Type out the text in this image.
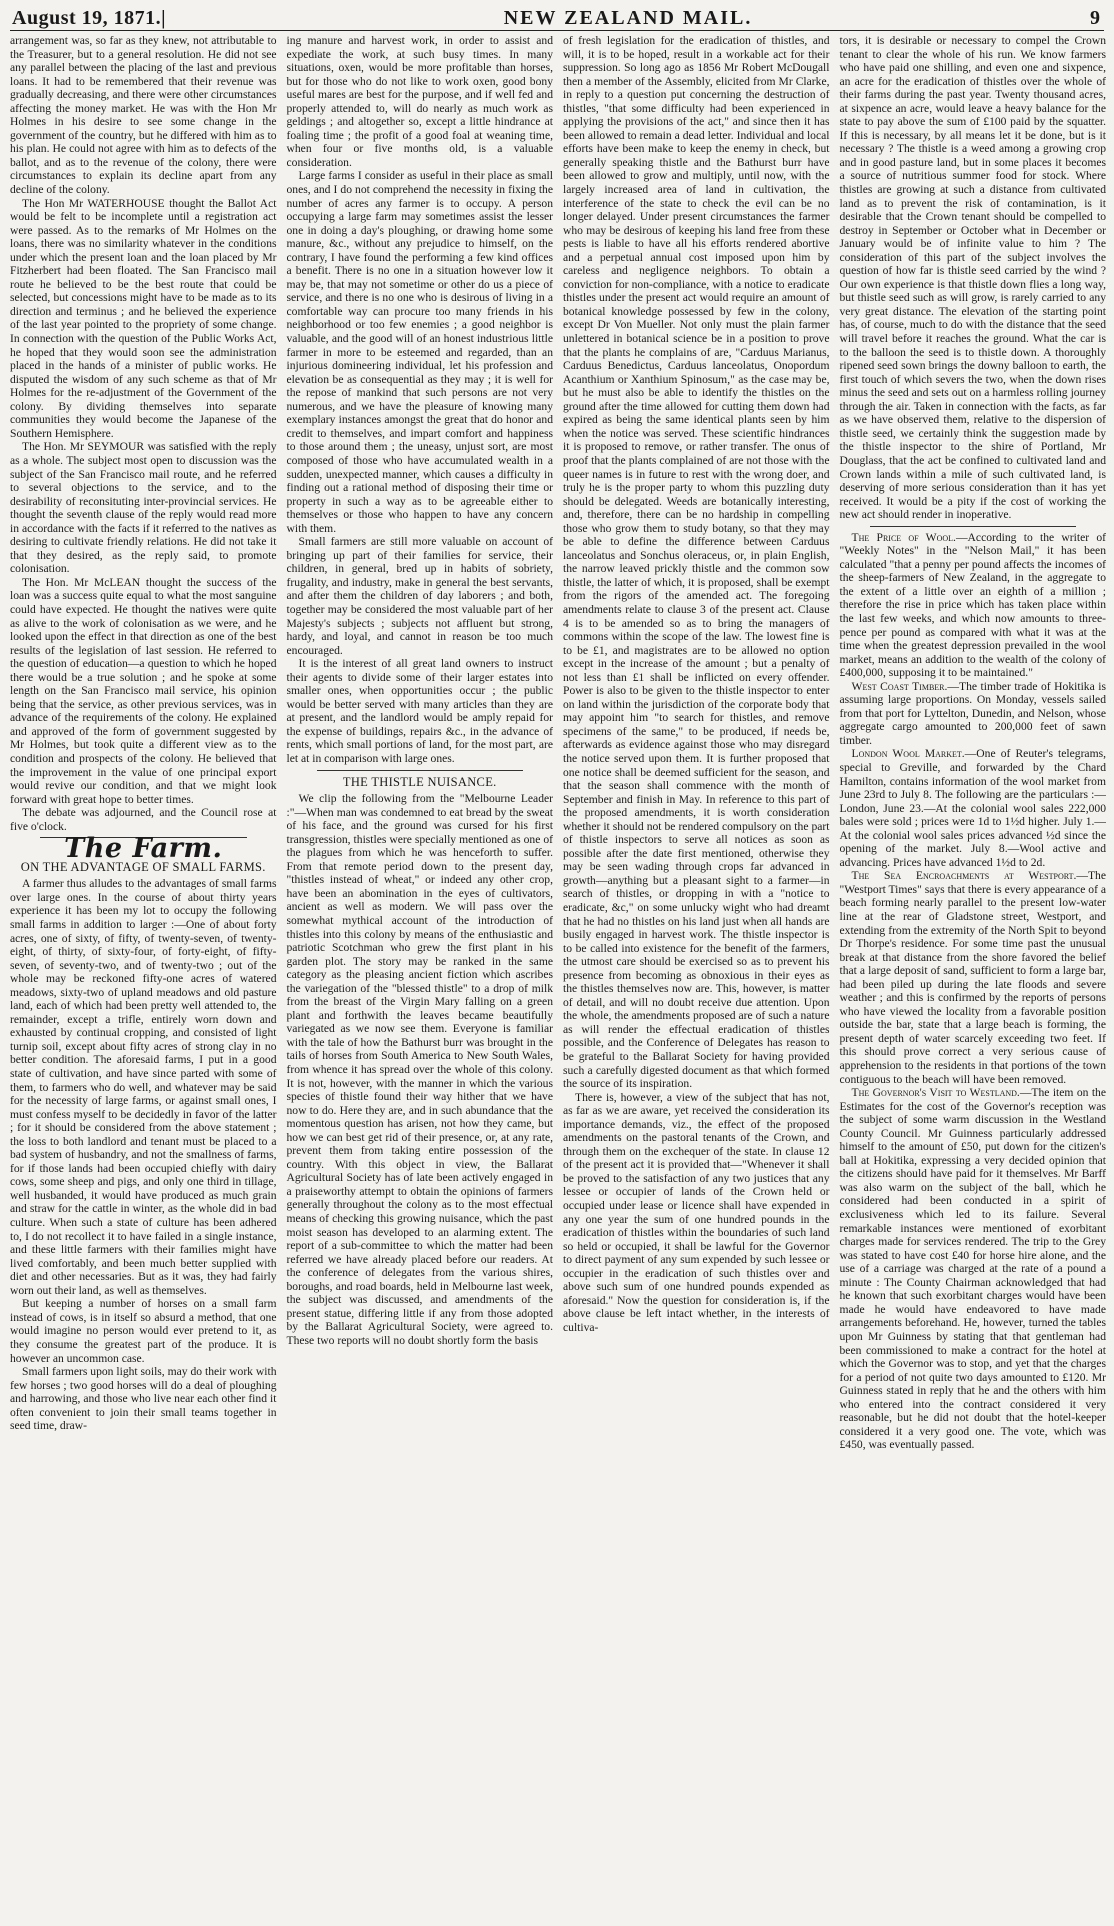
August 19, 1871.|	NEW ZEALAND MAIL.	9

arrangement was, so far as they knew, not attributable to the Treasurer, but to a general resolution. He did not see any parallel between the placing of the last and previous loans. It had to be remembered that their revenue was gradually decreasing, and there were other circumstances affecting the money market. He was with the Hon Mr Holmes in his desire to see some change in the government of the country, but he differed with him as to his plan. He could not agree with him as to defects of the ballot, and as to the revenue of the colony, there were circumstances to explain its decline apart from any decline of the colony.

The Hon Mr WATERHOUSE thought the Ballot Act would be felt to be incomplete until a registration act were passed. As to the remarks of Mr Holmes on the loans, there was no similarity whatever in the conditions under which the present loan and the loan placed by Mr Fitzherbert had been floated. The San Francisco mail route he believed to be the best route that could be selected, but concessions might have to be made as to its direction and terminus ; and he believed the experience of the last year pointed to the propriety of some change. In connection with the question of the Public Works Act, he hoped that they would soon see the administration placed in the hands of a minister of public works. He disputed the wisdom of any such scheme as that of Mr Holmes for the re-adjustment of the Government of the colony. By dividing themselves into separate communities they would become the Japanese of the Southern Hemisphere.

The Hon. Mr SEYMOUR was satisfied with the reply as a whole. The subject most open to discussion was the subject of the San Francisco mail route, and he referred to several objections to the service, and to the desirability of reconsituting inter-provincial services. He thought the seventh clause of the reply would read more in accordance with the facts if it referred to the natives as desiring to cultivate friendly relations. He did not take it that they desired, as the reply said, to promote colonisation.

The Hon. Mr McLEAN thought the success of the loan was a success quite equal to what the most sanguine could have expected. He thought the natives were quite as alive to the work of colonisation as we were, and he looked upon the effect in that direction as one of the best results of the legislation of last session. He referred to the question of education—a question to which he hoped there would be a true solution ; and he spoke at some length on the San Francisco mail service, his opinion being that the service, as other previous services, was in advance of the requirements of the colony. He explained and approved of the form of government suggested by Mr Holmes, but took quite a different view as to the condition and prospects of the colony. He believed that the improvement in the value of one principal export would revive our condition, and that we might look forward with great hope to better times.

The debate was adjourned, and the Council rose at five o'clock.

The Farm.
ON THE ADVANTAGE OF SMALL FARMS.

A farmer thus alludes to the advantages of small farms over large ones. In the course of about thirty years experience it has been my lot to occupy the following small farms in addition to larger :—One of about forty acres, one of sixty, of fifty, of twenty-seven, of twenty-eight, of thirty, of sixty-four, of forty-eight, of fifty-seven, of seventy-two, and of twenty-two ; out of the whole may be reckoned fifty-one acres of watered meadows, sixty-two of upland meadows and old pasture land, each of which had been pretty well attended to, the remainder, except a trifle, entirely worn down and exhausted by continual cropping, and consisted of light turnip soil, except about fifty acres of strong clay in no better condition. The aforesaid farms, I put in a good state of cultivation, and have since parted with some of them, to farmers who do well, and whatever may be said for the necessity of large farms, or against small ones, I must confess myself to be decidedly in favor of the latter ; for it should be considered from the above statement ; the loss to both landlord and tenant must be placed to a bad system of husbandry, and not the smallness of farms, for if those lands had been occupied chiefly with dairy cows, some sheep and pigs, and only one third in tillage, well husbanded, it would have produced as much grain and straw for the cattle in winter, as the whole did in bad culture. When such a state of culture has been adhered to, I do not recollect it to have failed in a single instance, and these little farmers with their families might have lived comfortably, and been much better supplied with diet and other necessaries. But as it was, they had fairly worn out their land, as well as themselves.

But keeping a number of horses on a small farm instead of cows, is in itself so absurd a method, that one would imagine no person would ever pretend to it, as they consume the greatest part of the produce. It is however an uncommon case.

Small farmers upon light soils, may do their work with few horses ; two good horses will do a deal of ploughing and harrowing, and those who live near each other find it often convenient to join their small teams together in seed time, draw-

ing manure and harvest work, in order to assist and expediate the work, at such busy times. In many situations, oxen, would be more profitable than horses, but for those who do not like to work oxen, good bony useful mares are best for the purpose, and if well fed and properly attended to, will do nearly as much work as geldings ; and altogether so, except a little hindrance at foaling time ; the profit of a good foal at weaning time, when four or five months old, is a valuable consideration.

Large farms I consider as useful in their place as small ones, and I do not comprehend the necessity in fixing the number of acres any farmer is to occupy. A person occupying a large farm may sometimes assist the lesser one in doing a day's ploughing, or drawing home some manure, &c., without any prejudice to himself, on the contrary, I have found the performing a few kind offices a benefit. There is no one in a situation however low it may be, that may not sometime or other do us a piece of service, and there is no one who is desirous of living in a comfortable way can procure too many friends in his neighborhood or too few enemies ; a good neighbor is valuable, and the good will of an honest industrious little farmer in more to be esteemed and regarded, than an injurious domineering individual, let his profession and elevation be as consequential as they may ; it is well for the repose of mankind that such persons are not very numerous, and we have the pleasure of knowing many exemplary instances amongst the great that do honor and credit to themselves, and impart comfort and happiness to those around them ; the uneasy, unjust sort, are most composed of those who have accumulated wealth in a sudden, unexpected manner, which causes a difficulty in finding out a rational method of disposing their time or property in such a way as to be agreeable either to themselves or those who happen to have any concern with them.

Small farmers are still more valuable on account of bringing up part of their families for service, their children, in general, bred up in habits of sobriety, frugality, and industry, make in general the best servants, and after them the children of day laborers ; and both, together may be considered the most valuable part of her Majesty's subjects ; subjects not affluent but strong, hardy, and loyal, and cannot in reason be too much encouraged.

It is the interest of all great land owners to instruct their agents to divide some of their larger estates into smaller ones, when opportunities occur ; the public would be better served with many articles than they are at present, and the landlord would be amply repaid for the expense of buildings, repairs &c., in the advance of rents, which small portions of land, for the most part, are let at in comparison with large ones.

THE THISTLE NUISANCE.

We clip the following from the "Melbourne Leader :"—When man was condemned to eat bread by the sweat of his face, and the ground was cursed for his first transgression, thistles were specially mentioned as one of the plagues from which he was henceforth to suffer. From that remote period down to the present day, "thistles instead of wheat," or indeed any other crop, have been an abomination in the eyes of cultivators, ancient as well as modern. We will pass over the somewhat mythical account of the introduction of thistles into this colony by means of the enthusiastic and patriotic Scotchman who grew the first plant in his garden plot. The story may be ranked in the same category as the pleasing ancient fiction which ascribes the variegation of the "blessed thistle" to a drop of milk from the breast of the Virgin Mary falling on a green plant and forthwith the leaves became beautifully variegated as we now see them. Everyone is familiar with the tale of how the Bathurst burr was brought in the tails of horses from South America to New South Wales, from whence it has spread over the whole of this colony. It is not, however, with the manner in which the various species of thistle found their way hither that we have now to do. Here they are, and in such abundance that the momentous question has arisen, not how they came, but how we can best get rid of their presence, or, at any rate, prevent them from taking entire possession of the country. With this object in view, the Ballarat Agricultural Society has of late been actively engaged in a praiseworthy attempt to obtain the opinions of farmers generally throughout the colony as to the most effectual means of checking this growing nuisance, which the past moist season has developed to an alarming extent. The report of a sub-committee to which the matter had been referred we have already placed before our readers. At the conference of delegates from the various shires, boroughs, and road boards, held in Melbourne last week, the subject was discussed, and amendments of the present statue, differing little if any from those adopted by the Ballarat Agricultural Society, were agreed to. These two reports will no doubt shortly form the basis

of fresh legislation for the eradication of thistles, and will, it is to be hoped, result in a workable act for their suppression. So long ago as 1856 Mr Robert McDougall then a member of the Assembly, elicited from Mr Clarke, in reply to a question put concerning the destruction of thistles, "that some difficulty had been experienced in applying the provisions of the act," and since then it has been allowed to remain a dead letter. Individual and local efforts have been make to keep the enemy in check, but generally speaking thistle and the Bathurst burr have been allowed to grow and multiply, until now, with the largely increased area of land in cultivation, the interference of the state to check the evil can be no longer delayed. Under present circumstances the farmer who may be desirous of keeping his land free from these pests is liable to have all his efforts rendered abortive and a perpetual annual cost imposed upon him by careless and negligence neighbors. To obtain a conviction for non-compliance, with a notice to eradicate thistles under the present act would require an amount of botanical knowledge possessed by few in the colony, except Dr Von Mueller. Not only must the plain farmer unlettered in botanical science be in a position to prove that the plants he complains of are, "Carduus Marianus, Carduus Benedictus, Carduus lanceolatus, Onopordum Acanthium or Xanthium Spinosum," as the case may be, but he must also be able to identify the thistles on the ground after the time allowed for cutting them down had expired as being the same identical plants seen by him when the notice was served. These scientific hindrances it is proposed to remove, or rather transfer. The onus of proof that the plants complained of are not those with the queer names is in future to rest with the wrong doer, and truly he is the proper party to whom this puzzling duty should be delegated. Weeds are botanically interesting, and, therefore, there can be no hardship in compelling those who grow them to study botany, so that they may be able to define the difference between Carduus lanceolatus and Sonchus oleraceus, or, in plain English, the narrow leaved prickly thistle and the common sow thistle, the latter of which, it is proposed, shall be exempt from the rigors of the amended act. The foregoing amendments relate to clause 3 of the present act. Clause 4 is to be amended so as to bring the managers of commons within the scope of the law. The lowest fine is to be £1, and magistrates are to be allowed no option except in the increase of the amount ; but a penalty of not less than £1 shall be inflicted on every offender. Power is also to be given to the thistle inspector to enter on land within the jurisdiction of the corporate body that may appoint him "to search for thistles, and remove specimens of the same," to be produced, if needs be, afterwards as evidence against those who may disregard the notice served upon them. It is further proposed that one notice shall be deemed sufficient for the season, and that the season shall commence with the month of September and finish in May. In reference to this part of the proposed amendments, it is worth consideration whether it should not be rendered compulsory on the part of thistle inspectors to serve all notices as soon as possible after the date first mentioned, otherwise they may be seen wading through crops far advanced in growth—anything but a pleasant sight to a farmer—in search of thistles, or dropping in with a "notice to eradicate, &c," on some unlucky wight who had dreamt that he had no thistles on his land just when all hands are busily engaged in harvest work. The thistle inspector is to be called into existence for the benefit of the farmers, the utmost care should be exercised so as to prevent his presence from becoming as obnoxious in their eyes as the thistles themselves now are. This, however, is matter of detail, and will no doubt receive due attention. Upon the whole, the amendments proposed are of such a nature as will render the effectual eradication of thistles possible, and the Conference of Delegates has reason to be grateful to the Ballarat Society for having provided such a carefully digested document as that which formed the source of its inspiration.

There is, however, a view of the subject that has not, as far as we are aware, yet received the consideration its importance demands, viz., the effect of the proposed amendments on the pastoral tenants of the Crown, and through them on the exchequer of the state. In clause 12 of the present act it is provided that—"Whenever it shall be proved to the satisfaction of any two justices that any lessee or occupier of lands of the Crown held or occupied under lease or licence shall have expended in any one year the sum of one hundred pounds in the eradication of thistles within the boundaries of such land so held or occupied, it shall be lawful for the Governor to direct payment of any sum expended by such lessee or occupier in the eradication of such thistles over and above such sum of one hundred pounds expended as aforesaid." Now the question for consideration is, if the above clause be left intact whether, in the interests of cultiva-

tors, it is desirable or necessary to compel the Crown tenant to clear the whole of his run. We know farmers who have paid one shilling, and even one and sixpence, an acre for the eradication of thistles over the whole of their farms during the past year. Twenty thousand acres, at sixpence an acre, would leave a heavy balance for the state to pay above the sum of £100 paid by the squatter. If this is necessary, by all means let it be done, but is it necessary ? The thistle is a weed among a growing crop and in good pasture land, but in some places it becomes a source of nutritious summer food for stock. Where thistles are growing at such a distance from cultivated land as to prevent the risk of contamination, is it desirable that the Crown tenant should be compelled to destroy in September or October what in December or January would be of infinite value to him ? The consideration of this part of the subject involves the question of how far is thistle seed carried by the wind ? Our own experience is that thistle down flies a long way, but thistle seed such as will grow, is rarely carried to any very great distance. The elevation of the starting point has, of course, much to do with the distance that the seed will travel before it reaches the ground. What the car is to the balloon the seed is to thistle down. A thoroughly ripened seed sown brings the downy balloon to earth, the first touch of which severs the two, when the down rises minus the seed and sets out on a harmless rolling journey through the air. Taken in connection with the facts, as far as we have observed them, relative to the dispersion of thistle seed, we certainly think the suggestion made by the thistle inspector to the shire of Portland, Mr Douglass, that the act be confined to cultivated land and Crown lands within a mile of such cultivated land, is deserving of more serious consideration than it has yet received. It would be a pity if the cost of working the new act should render in inoperative.

The Price of Wool.—According to the writer of "Weekly Notes" in the "Nelson Mail," it has been calculated "that a penny per pound affects the incomes of the sheep-farmers of New Zealand, in the aggregate to the extent of a little over an eighth of a million ; therefore the rise in price which has taken place within the last few weeks, and which now amounts to three-pence per pound as compared with what it was at the time when the greatest depression prevailed in the wool market, means an addition to the wealth of the colony of £400,000, supposing it to be maintained."

West Coast Timber.—The timber trade of Hokitika is assuming large proportions. On Monday, vessels sailed from that port for Lyttelton, Dunedin, and Nelson, whose aggregate cargo amounted to 200,000 feet of sawn timber.

London Wool Market.—One of Reuter's telegrams, special to Greville, and forwarded by the Chard Hamilton, contains information of the wool market from June 23rd to July 8. The following are the particulars :—London, June 23.—At the colonial wool sales 222,000 bales were sold ; prices were 1d to 1½d higher. July 1.—At the colonial wool sales prices advanced ½d since the opening of the market. July 8.—Wool active and advancing. Prices have advanced 1½d to 2d.

The Sea Encroachments at Westport.—The "Westport Times" says that there is every appearance of a beach forming nearly parallel to the present low-water line at the rear of Gladstone street, Westport, and extending from the extremity of the North Spit to beyond Dr Thorpe's residence. For some time past the unusual break at that distance from the shore favored the belief that a large deposit of sand, sufficient to form a large bar, had been piled up during the late floods and severe weather ; and this is confirmed by the reports of persons who have viewed the locality from a favorable position outside the bar, state that a large beach is forming, the present depth of water scarcely exceeding two feet. If this should prove correct a very serious cause of apprehension to the residents in that portions of the town contiguous to the beach will have been removed.

The Governor's Visit to Westland.—The item on the Estimates for the cost of the Governor's reception was the subject of some warm discussion in the Westland County Council. Mr Guinness particularly addressed himself to the amount of £50, put down for the citizen's ball at Hokitika, expressing a very decided opinion that the citizens should have paid for it themselves. Mr Barff was also warm on the subject of the ball, which he considered had been conducted in a spirit of exclusiveness which led to its failure. Several remarkable instances were mentioned of exorbitant charges made for services rendered. The trip to the Grey was stated to have cost £40 for horse hire alone, and the use of a carriage was charged at the rate of a pound a minute : The County Chairman acknowledged that had he known that such exorbitant charges would have been made he would have endeavored to have made arrangements beforehand. He, however, turned the tables upon Mr Guinness by stating that that gentleman had been commissioned to make a contract for the hotel at which the Governor was to stop, and yet that the charges for a period of not quite two days amounted to £120. Mr Guinness stated in reply that he and the others with him who entered into the contract considered it very reasonable, but he did not doubt that the hotel-keeper considered it a very good one. The vote, which was £450, was eventually passed.
